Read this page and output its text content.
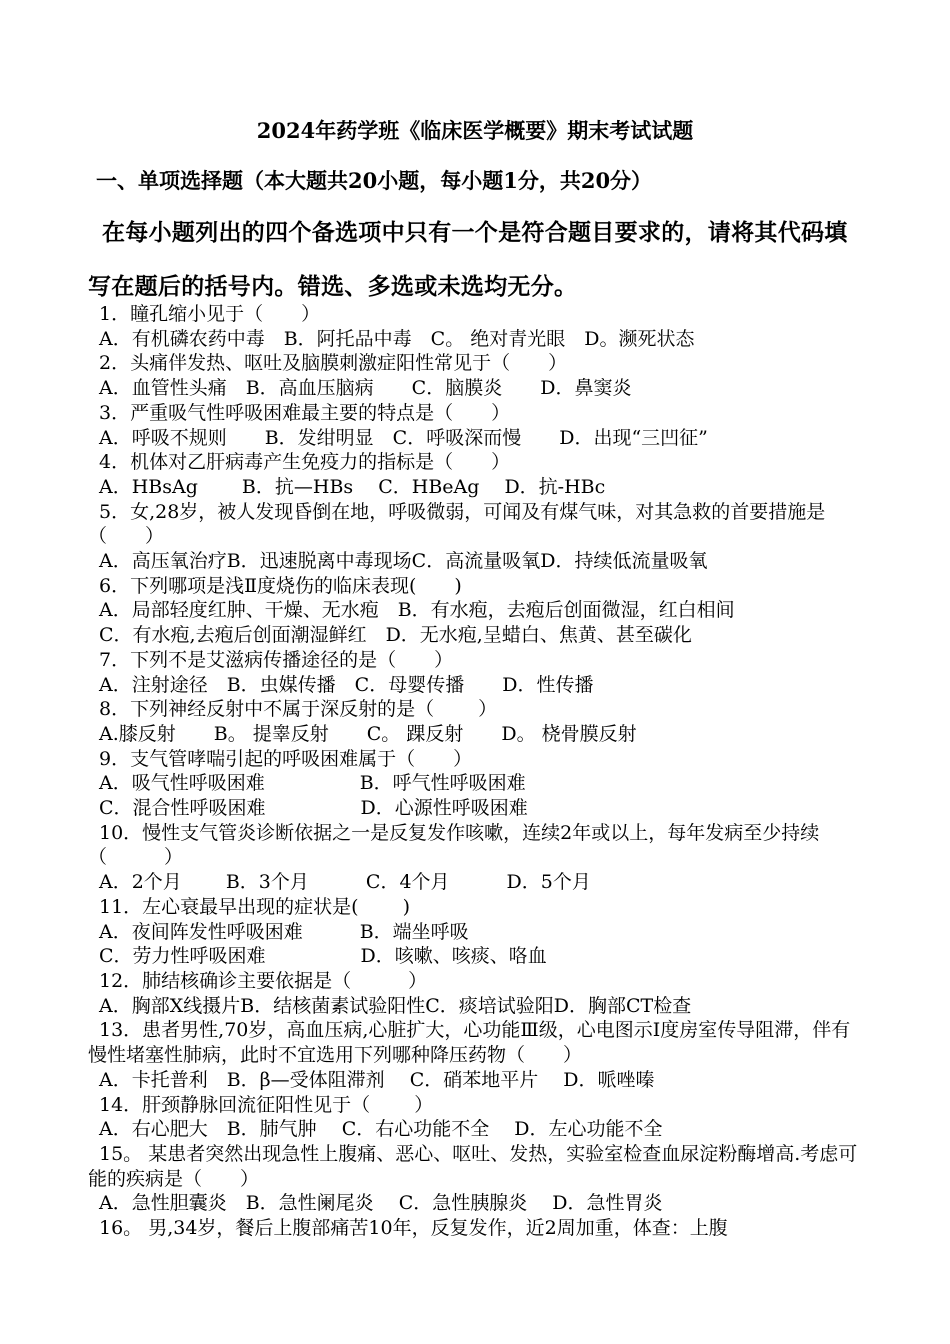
2024年药学班《临床医学概要》期末考试试题
一、单项选择题（本大题共20小题，每小题1分，共20分）
在每小题列出的四个备选项中只有一个是符合题目要求的，请将其代码填写在题后的括号内。错选、多选或未选均无分。
1．瞳孔缩小见于（　　）
A．有机磷农药中毒　B．阿托品中毒　C。 绝对青光眼　D。濒死状态
2．头痛伴发热、呕吐及脑膜刺激症阳性常见于（　　）
A．血管性头痛　B．高血压脑病　　C．脑膜炎　　D．鼻窦炎
3．严重吸气性呼吸困难最主要的特点是（　　）
A．呼吸不规则　　B．发绀明显　C．呼吸深而慢　　D．出现“三凹征”
4．机体对乙肝病毒产生免疫力的指标是（　　）
A．HBsAg　　 B．抗—HBs　 C．HBeAg　 D．抗-HBc
5．女,28岁，被人发现昏倒在地，呼吸微弱，可闻及有煤气味，对其急救的首要措施是（　　）
A．高压氧治疗B．迅速脱离中毒现场C．高流量吸氧D．持续低流量吸氧
6．下列哪项是浅Ⅱ度烧伤的临床表现(　　)
A．局部轻度红肿、干燥、无水疱　B．有水疱，去疱后创面微湿，红白相间
C．有水疱,去疱后创面潮湿鲜红　D．无水疱,呈蜡白、焦黄、甚至碳化
7．下列不是艾滋病传播途径的是（　　）
A．注射途径　B．虫媒传播　C．母婴传播　　D．性传播
8．下列神经反射中不属于深反射的是（　　 ）
A.膝反射　　B。 提睾反射　　C。 踝反射　　D。 桡骨膜反射
9．支气管哮喘引起的呼吸困难属于（　　）
A．吸气性呼吸困难　　　　　B．呼气性呼吸困难
C．混合性呼吸困难　　　　　D．心源性呼吸困难
10．慢性支气管炎诊断依据之一是反复发作咳嗽，连续2年或以上，每年发病至少持续（　　　）
A．2个月　　 B．3个月　　　C．4个月　　　D．5个月
11．左心衰最早出现的症状是(　　 )
A．夜间阵发性呼吸困难　　　B．端坐呼吸
C．劳力性呼吸困难　　　　　D．咳嗽、咳痰、咯血
12．肺结核确诊主要依据是（　　　）
A．胸部X线摄片B．结核菌素试验阳性C．痰培试验阳D．胸部CT检查
13．患者男性,70岁，高血压病,心脏扩大，心功能Ⅲ级，心电图示Ⅰ度房室传导阻滞，伴有慢性堵塞性肺病，此时不宜选用下列哪种降压药物（　　）
A．卡托普利　B．β—受体阻滞剂　 C．硝苯地平片　 D．哌唑嗪
14．肝颈静脉回流征阳性见于（　　 ）
A．右心肥大　B．肺气肿　 C．右心功能不全　 D．左心功能不全
15。 某患者突然出现急性上腹痛、恶心、呕吐、发热，实验室检查血尿淀粉酶增高.考虑可能的疾病是（　　）
A．急性胆囊炎　B．急性阑尾炎　 C．急性胰腺炎　 D．急性胃炎
16。 男,34岁，餐后上腹部痛苦10年，反复发作，近2周加重，体查：上腹
